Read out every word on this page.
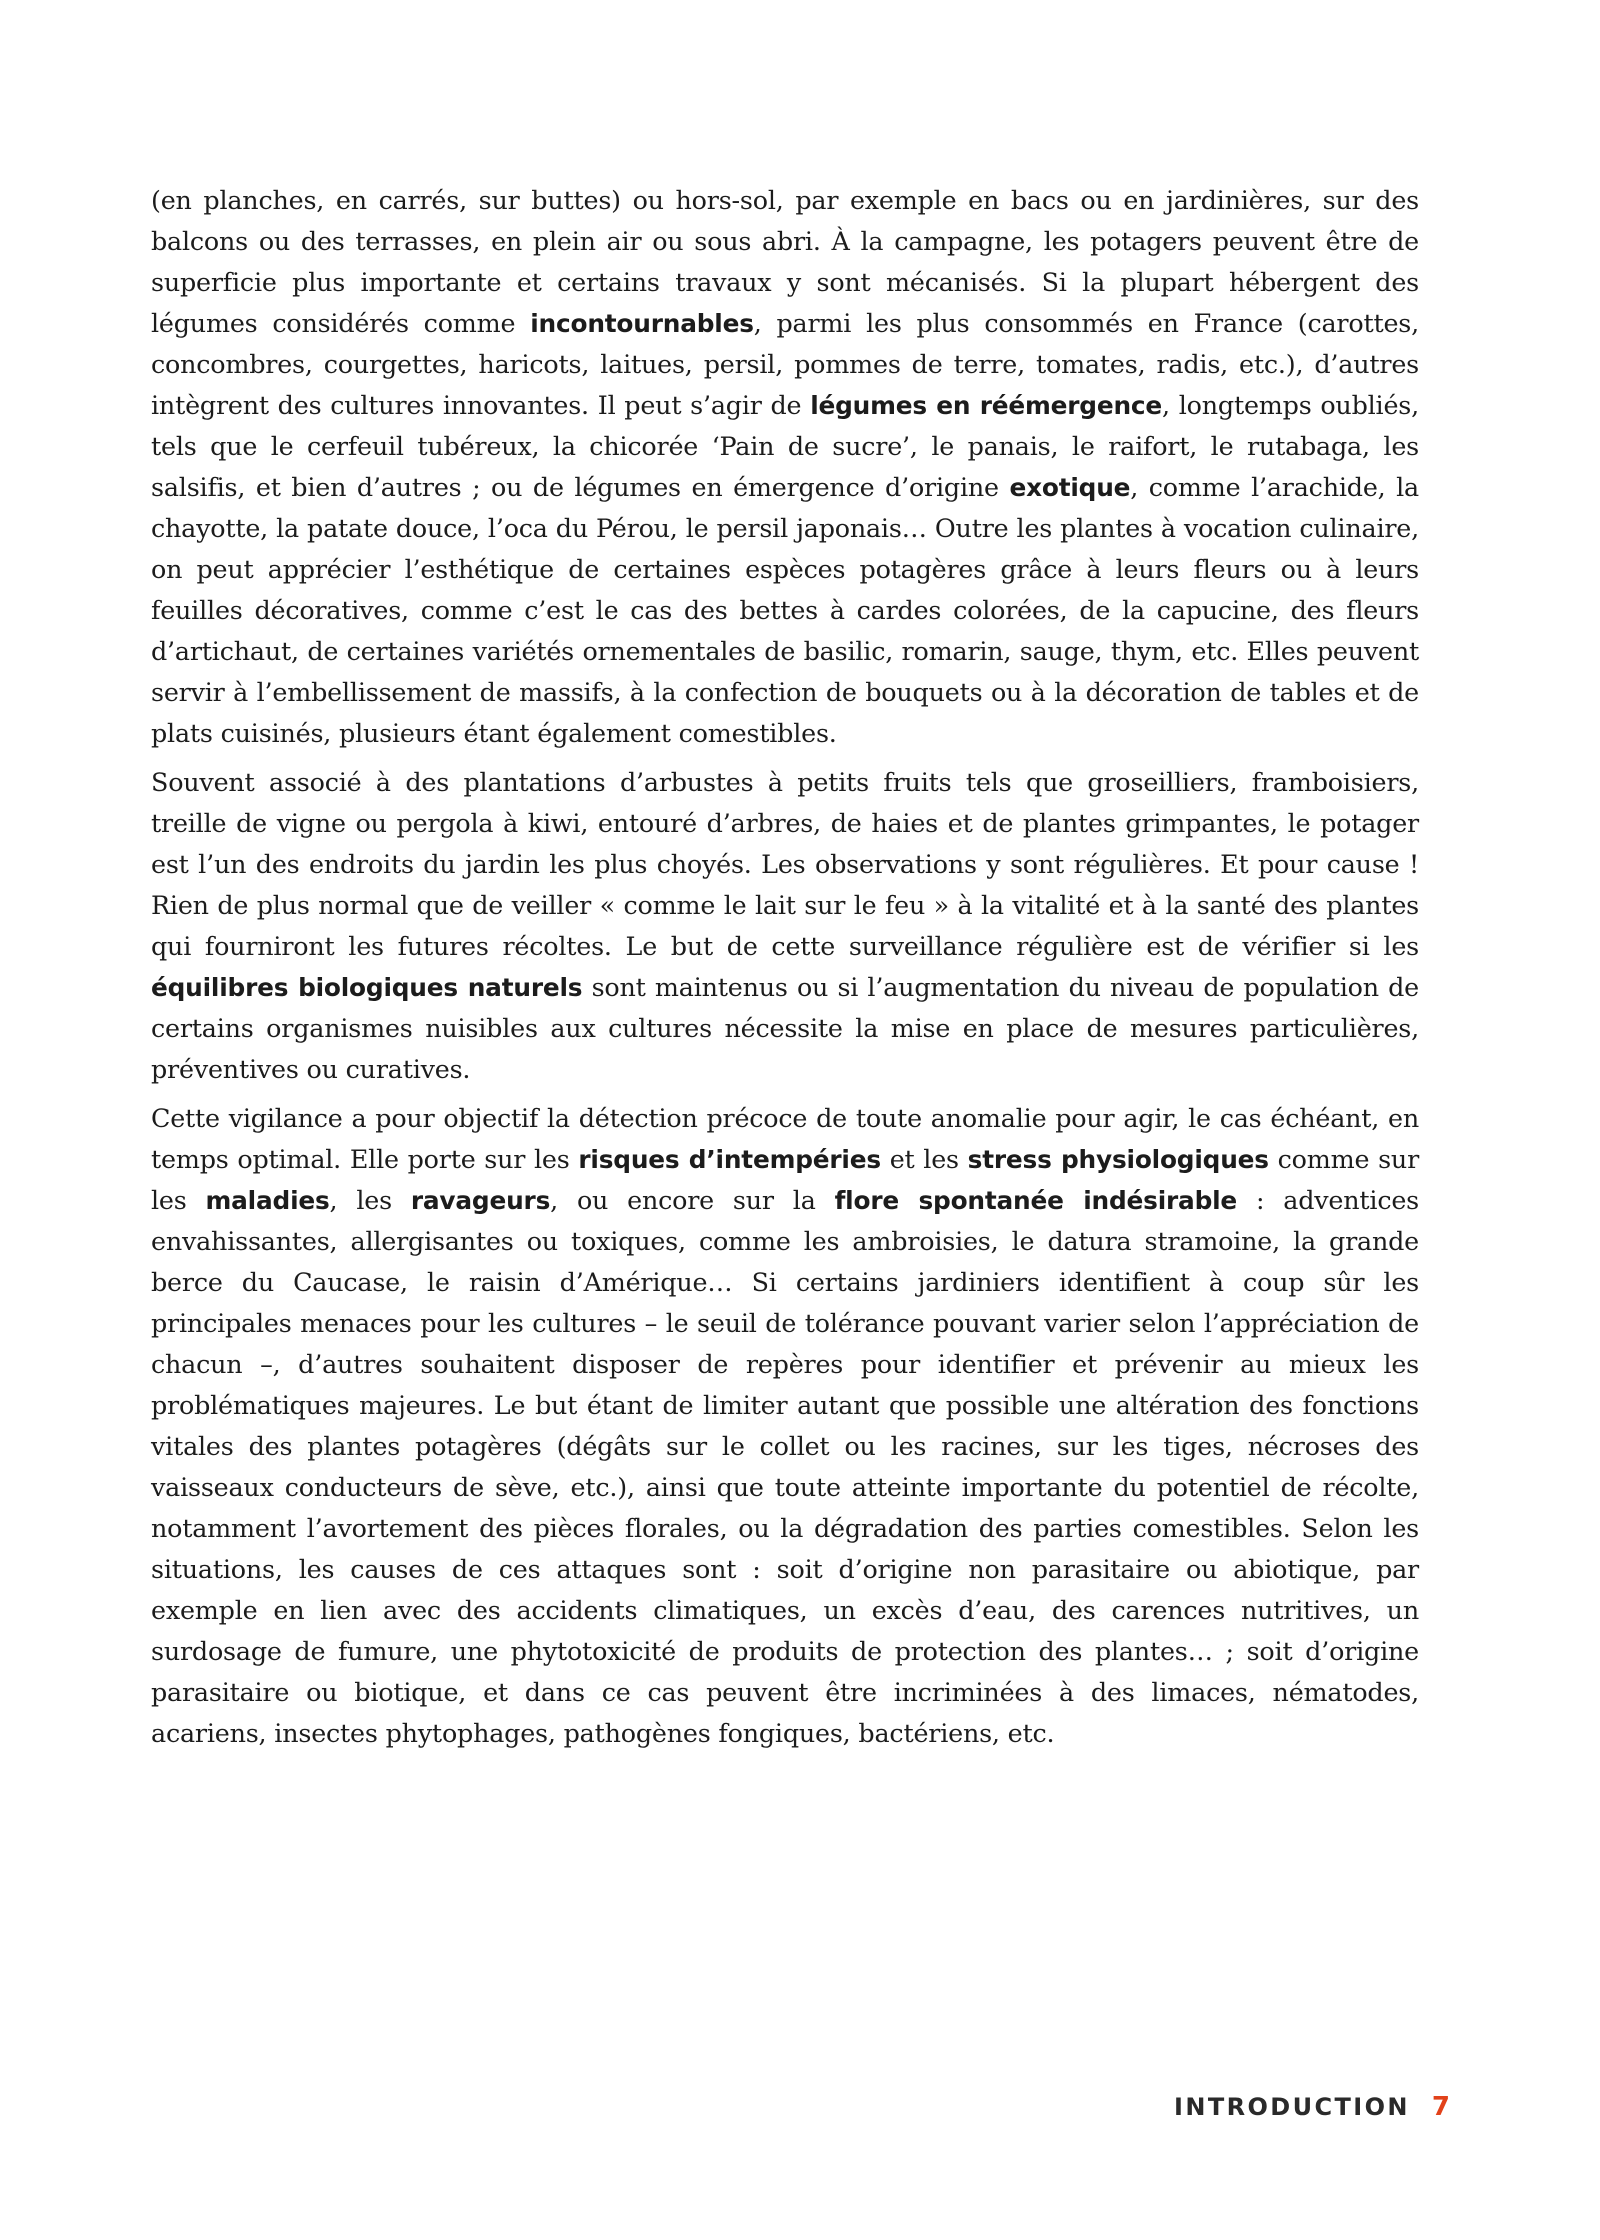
(en planches, en carrés, sur buttes) ou hors-sol, par exemple en bacs ou en jardinières, sur des balcons ou des terrasses, en plein air ou sous abri. À la campagne, les potagers peuvent être de superficie plus importante et certains travaux y sont mécanisés. Si la plupart hébergent des légumes considérés comme incontournables, parmi les plus consommés en France (carottes, concombres, courgettes, haricots, laitues, persil, pommes de terre, tomates, radis, etc.), d’autres intègrent des cultures innovantes. Il peut s’agir de légumes en réémergence, longtemps oubliés, tels que le cerfeuil tubéreux, la chicorée ‘Pain de sucre’, le panais, le raifort, le rutabaga, les salsifis, et bien d’autres ; ou de légumes en émergence d’origine exotique, comme l’arachide, la chayotte, la patate douce, l’oca du Pérou, le persil japonais… Outre les plantes à vocation culinaire, on peut apprécier l’esthétique de certaines espèces potagères grâce à leurs fleurs ou à leurs feuilles décoratives, comme c’est le cas des bettes à cardes colorées, de la capucine, des fleurs d’artichaut, de certaines variétés ornementales de basilic, romarin, sauge, thym, etc. Elles peuvent servir à l’embellissement de massifs, à la confection de bouquets ou à la décoration de tables et de plats cuisinés, plusieurs étant également comestibles.

Souvent associé à des plantations d’arbustes à petits fruits tels que groseilliers, framboisiers, treille de vigne ou pergola à kiwi, entouré d’arbres, de haies et de plantes grimpantes, le potager est l’un des endroits du jardin les plus choyés. Les observations y sont régulières. Et pour cause ! Rien de plus normal que de veiller « comme le lait sur le feu » à la vitalité et à la santé des plantes qui fourniront les futures récoltes. Le but de cette surveillance régulière est de vérifier si les équilibres biologiques naturels sont maintenus ou si l’augmentation du niveau de population de certains organismes nuisibles aux cultures nécessite la mise en place de mesures particulières, préventives ou curatives.

Cette vigilance a pour objectif la détection précoce de toute anomalie pour agir, le cas échéant, en temps optimal. Elle porte sur les risques d’intempéries et les stress physiologiques comme sur les maladies, les ravageurs, ou encore sur la flore spontanée indésirable : adventices envahissantes, allergisantes ou toxiques, comme les ambroisies, le datura stramoine, la grande berce du Caucase, le raisin d’Amérique… Si certains jardiniers identifient à coup sûr les principales menaces pour les cultures – le seuil de tolérance pouvant varier selon l’appréciation de chacun –, d’autres souhaitent disposer de repères pour identifier et prévenir au mieux les problématiques majeures. Le but étant de limiter autant que possible une altération des fonctions vitales des plantes potagères (dégâts sur le collet ou les racines, sur les tiges, nécroses des vaisseaux conducteurs de sève, etc.), ainsi que toute atteinte importante du potentiel de récolte, notamment l’avortement des pièces florales, ou la dégradation des parties comestibles. Selon les situations, les causes de ces attaques sont : soit d’origine non parasitaire ou abiotique, par exemple en lien avec des accidents climatiques, un excès d’eau, des carences nutritives, un surdosage de fumure, une phytotoxicité de produits de protection des plantes… ; soit d’origine parasitaire ou biotique, et dans ce cas peuvent être incriminées à des limaces, nématodes, acariens, insectes phytophages, pathogènes fongiques, bactériens, etc.

INTRODUCTION 7
